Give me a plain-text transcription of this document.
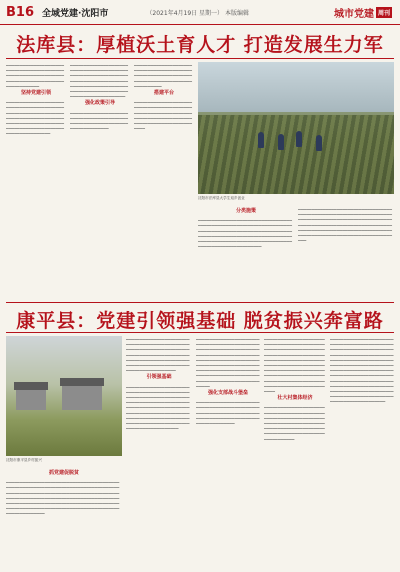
B16 全域党建·沈阳市	（2021年4月19日 星期一） 本版编辑	城市党建 周刊
法库县：厚植沃土育人才 打造发展生力军
▁▁▁▁▁▁▁▁▁▁▁▁▁▁▁▁▁▁▁▁▁▁▁▁▁▁▁▁▁▁▁▁▁▁▁▁▁▁▁▁▁▁▁▁▁▁▁▁▁▁▁▁▁▁▁▁▁▁▁▁▁▁▁▁▁▁▁▁▁▁▁▁▁▁▁▁▁▁▁▁▁▁▁▁▁▁▁▁▁▁▁▁▁▁▁▁
坚持党建引领
▁▁▁▁▁▁▁▁▁▁▁▁▁▁▁▁▁▁▁▁▁▁▁▁▁▁▁▁▁▁▁▁▁▁▁▁▁▁▁▁▁▁▁▁▁▁▁▁▁▁▁▁▁▁▁▁▁▁▁▁▁▁▁▁▁▁▁▁▁▁▁▁▁▁▁▁▁▁▁▁▁▁▁▁▁▁▁▁▁▁▁▁▁▁▁▁▁▁▁▁▁▁▁▁▁▁▁▁▁▁▁▁▁▁▁▁▁▁▁▁▁▁▁▁▁▁▁▁▁▁▁▁▁▁▁▁▁▁▁▁▁▁
▁▁▁▁▁▁▁▁▁▁▁▁▁▁▁▁▁▁▁▁▁▁▁▁▁▁▁▁▁▁▁▁▁▁▁▁▁▁▁▁▁▁▁▁▁▁▁▁▁▁▁▁▁▁▁▁▁▁▁▁▁▁▁▁▁▁▁▁▁▁▁▁▁▁▁▁▁▁▁▁▁▁▁▁▁▁▁▁▁▁▁▁▁▁▁▁▁▁▁▁▁▁▁▁▁▁▁▁▁▁▁▁▁▁▁▁▁▁▁▁▁▁▁▁▁▁▁▁▁▁▁▁▁▁▁▁▁▁▁▁▁▁▁▁▁▁
强化政策引导
▁▁▁▁▁▁▁▁▁▁▁▁▁▁▁▁▁▁▁▁▁▁▁▁▁▁▁▁▁▁▁▁▁▁▁▁▁▁▁▁▁▁▁▁▁▁▁▁▁▁▁▁▁▁▁▁▁▁▁▁▁▁▁▁▁▁▁▁▁▁▁▁▁▁▁▁▁
▁▁▁▁▁▁▁▁▁▁▁▁▁▁▁▁▁▁▁▁▁▁▁▁▁▁▁▁▁▁▁▁▁▁▁▁▁▁▁▁▁▁▁▁▁▁▁▁▁▁▁▁▁▁▁▁▁▁▁▁▁▁▁▁▁▁▁▁▁▁▁▁▁▁▁▁▁▁▁▁▁▁▁▁▁▁▁▁▁▁▁▁▁▁
搭建平台
▁▁▁▁▁▁▁▁▁▁▁▁▁▁▁▁▁▁▁▁▁▁▁▁▁▁▁▁▁▁▁▁▁▁▁▁▁▁▁▁▁▁▁▁▁▁▁▁▁▁▁▁▁▁▁▁▁▁▁▁▁▁▁▁▁▁▁▁▁▁▁▁▁▁▁▁▁▁▁▁▁▁▁▁▁▁▁▁▁▁▁▁▁▁▁▁▁▁▁▁▁▁▁▁▁▁▁▁▁
沈阳市法库县大学生返乡创业
分类施策
▁▁▁▁▁▁▁▁▁▁▁▁▁▁▁▁▁▁▁▁▁▁▁▁▁▁▁▁▁▁▁▁▁▁▁▁▁▁▁▁▁▁▁▁▁▁▁▁▁▁▁▁▁▁▁▁▁▁▁▁▁▁▁▁▁▁▁▁▁▁▁▁▁▁▁▁▁▁▁▁▁▁▁▁▁▁▁▁▁▁▁▁▁▁▁▁▁▁▁▁▁▁▁▁▁▁▁▁▁▁▁▁▁▁▁▁▁▁▁▁▁▁▁▁▁▁▁▁▁▁▁▁▁▁▁▁▁▁▁▁▁▁▁▁▁▁▁▁▁▁▁▁▁▁▁▁▁▁▁▁▁▁▁▁▁▁▁▁▁▁▁▁▁▁▁▁▁▁▁▁▁▁▁▁▁▁▁▁▁▁▁▁▁
▁▁▁▁▁▁▁▁▁▁▁▁▁▁▁▁▁▁▁▁▁▁▁▁▁▁▁▁▁▁▁▁▁▁▁▁▁▁▁▁▁▁▁▁▁▁▁▁▁▁▁▁▁▁▁▁▁▁▁▁▁▁▁▁▁▁▁▁▁▁▁▁▁▁▁▁▁▁▁▁▁▁▁▁▁▁▁▁▁▁▁▁▁▁▁▁▁▁▁▁▁▁▁▁▁▁▁▁▁▁▁▁▁▁▁▁▁▁▁▁▁▁▁▁▁▁▁▁▁▁▁▁▁▁▁▁▁▁▁▁▁▁▁▁▁▁▁▁▁▁▁▁▁▁▁▁▁▁▁▁▁▁▁▁▁▁▁▁▁▁▁▁▁▁▁▁▁▁▁▁▁▁▁▁▁▁▁▁▁▁▁▁▁▁▁▁▁▁▁▁▁▁▁▁▁▁▁
康平县：党建引领强基础 脱贫振兴奔富路
沈阳市康平县乡村振兴
抓党建促脱贫
▁▁▁▁▁▁▁▁▁▁▁▁▁▁▁▁▁▁▁▁▁▁▁▁▁▁▁▁▁▁▁▁▁▁▁▁▁▁▁▁▁▁▁▁▁▁▁▁▁▁▁▁▁▁▁▁▁▁▁▁▁▁▁▁▁▁▁▁▁▁▁▁▁▁▁▁▁▁▁▁▁▁▁▁▁▁▁▁▁▁▁▁▁▁▁▁▁▁▁▁▁▁▁▁▁▁▁▁▁▁▁▁▁▁▁▁▁▁▁▁▁▁▁▁▁▁▁▁▁▁▁▁▁▁▁▁▁▁▁▁▁▁▁▁▁▁▁▁▁▁▁▁▁▁▁▁▁▁▁▁▁▁▁▁▁▁▁▁▁▁▁▁▁▁▁▁▁▁▁▁▁▁▁▁▁▁▁▁▁▁▁▁▁▁▁▁▁▁▁▁▁▁▁▁▁▁▁▁▁▁▁▁▁▁▁▁▁▁▁▁▁▁▁▁▁▁▁▁▁▁▁▁▁▁▁▁▁▁▁▁▁▁▁▁▁▁▁▁▁▁▁▁▁▁▁▁▁▁▁▁
▁▁▁▁▁▁▁▁▁▁▁▁▁▁▁▁▁▁▁▁▁▁▁▁▁▁▁▁▁▁▁▁▁▁▁▁▁▁▁▁▁▁▁▁▁▁▁▁▁▁▁▁▁▁▁▁▁▁▁▁▁▁▁▁▁▁▁▁▁▁▁▁▁▁▁▁▁▁▁▁▁▁▁▁▁▁▁▁▁▁▁▁▁▁▁▁▁▁▁▁▁▁▁▁▁▁▁▁▁▁▁▁▁▁▁▁▁▁▁▁▁▁▁▁▁▁▁▁▁▁▁▁▁▁▁▁▁▁▁▁▁▁▁▁▁▁▁▁▁▁▁▁▁▁▁▁
引领强基础
▁▁▁▁▁▁▁▁▁▁▁▁▁▁▁▁▁▁▁▁▁▁▁▁▁▁▁▁▁▁▁▁▁▁▁▁▁▁▁▁▁▁▁▁▁▁▁▁▁▁▁▁▁▁▁▁▁▁▁▁▁▁▁▁▁▁▁▁▁▁▁▁▁▁▁▁▁▁▁▁▁▁▁▁▁▁▁▁▁▁▁▁▁▁▁▁▁▁▁▁▁▁▁▁▁▁▁▁▁▁▁▁▁▁▁▁▁▁▁▁▁▁▁▁▁▁▁▁▁▁▁▁▁▁▁▁▁▁▁▁▁▁▁▁▁▁▁▁▁▁▁▁▁▁▁▁▁▁▁▁▁▁▁▁▁▁▁▁▁▁▁▁▁▁▁▁▁▁▁▁▁▁▁▁▁▁▁▁▁▁▁▁▁▁▁▁▁▁▁▁▁▁▁
▁▁▁▁▁▁▁▁▁▁▁▁▁▁▁▁▁▁▁▁▁▁▁▁▁▁▁▁▁▁▁▁▁▁▁▁▁▁▁▁▁▁▁▁▁▁▁▁▁▁▁▁▁▁▁▁▁▁▁▁▁▁▁▁▁▁▁▁▁▁▁▁▁▁▁▁▁▁▁▁▁▁▁▁▁▁▁▁▁▁▁▁▁▁▁▁▁▁▁▁▁▁▁▁▁▁▁▁▁▁▁▁▁▁▁▁▁▁▁▁▁▁▁▁▁▁▁▁▁▁▁▁▁▁▁▁▁▁▁▁▁▁▁▁▁▁▁▁▁▁▁▁▁▁▁▁▁▁▁▁▁▁▁▁▁▁▁▁▁▁▁▁▁▁▁▁▁▁▁▁▁▁▁▁▁▁▁▁▁▁▁▁▁▁▁▁▁▁▁▁▁▁▁▁▁▁▁▁▁▁▁▁
强化支部战斗堡垒
▁▁▁▁▁▁▁▁▁▁▁▁▁▁▁▁▁▁▁▁▁▁▁▁▁▁▁▁▁▁▁▁▁▁▁▁▁▁▁▁▁▁▁▁▁▁▁▁▁▁▁▁▁▁▁▁▁▁▁▁▁▁▁▁▁▁▁▁▁▁▁▁▁▁▁▁▁▁▁▁▁▁▁▁▁▁▁▁▁▁▁▁▁▁▁▁▁▁▁▁▁▁▁▁▁▁
▁▁▁▁▁▁▁▁▁▁▁▁▁▁▁▁▁▁▁▁▁▁▁▁▁▁▁▁▁▁▁▁▁▁▁▁▁▁▁▁▁▁▁▁▁▁▁▁▁▁▁▁▁▁▁▁▁▁▁▁▁▁▁▁▁▁▁▁▁▁▁▁▁▁▁▁▁▁▁▁▁▁▁▁▁▁▁▁▁▁▁▁▁▁▁▁▁▁▁▁▁▁▁▁▁▁▁▁▁▁▁▁▁▁▁▁▁▁▁▁▁▁▁▁▁▁▁▁▁▁▁▁▁▁▁▁▁▁▁▁▁▁▁▁▁▁▁▁▁▁▁▁▁▁▁▁▁▁▁▁▁▁▁▁▁▁▁▁▁▁▁▁▁▁▁▁▁▁▁▁▁▁▁▁▁▁▁▁▁▁▁▁▁▁▁▁▁▁▁▁▁▁▁▁▁▁▁▁▁▁▁▁▁▁▁▁▁▁▁▁▁▁▁▁
壮大村集体经济
▁▁▁▁▁▁▁▁▁▁▁▁▁▁▁▁▁▁▁▁▁▁▁▁▁▁▁▁▁▁▁▁▁▁▁▁▁▁▁▁▁▁▁▁▁▁▁▁▁▁▁▁▁▁▁▁▁▁▁▁▁▁▁▁▁▁▁▁▁▁▁▁▁▁▁▁▁▁▁▁▁▁▁▁▁▁▁▁▁▁▁▁▁▁▁▁▁▁▁▁▁▁▁▁▁▁▁▁▁▁▁▁▁▁▁▁▁▁▁▁▁▁▁▁▁▁▁▁▁▁▁▁▁▁▁▁▁▁▁▁▁▁▁
▁▁▁▁▁▁▁▁▁▁▁▁▁▁▁▁▁▁▁▁▁▁▁▁▁▁▁▁▁▁▁▁▁▁▁▁▁▁▁▁▁▁▁▁▁▁▁▁▁▁▁▁▁▁▁▁▁▁▁▁▁▁▁▁▁▁▁▁▁▁▁▁▁▁▁▁▁▁▁▁▁▁▁▁▁▁▁▁▁▁▁▁▁▁▁▁▁▁▁▁▁▁▁▁▁▁▁▁▁▁▁▁▁▁▁▁▁▁▁▁▁▁▁▁▁▁▁▁▁▁▁▁▁▁▁▁▁▁▁▁▁▁▁▁▁▁▁▁▁▁▁▁▁▁▁▁▁▁▁▁▁▁▁▁▁▁▁▁▁▁▁▁▁▁▁▁▁▁▁▁▁▁▁▁▁▁▁▁▁▁▁▁▁▁▁▁▁▁▁▁▁▁▁▁▁▁▁▁▁▁▁▁▁▁▁▁▁▁▁▁▁▁▁▁▁▁▁▁▁▁▁▁▁▁▁▁▁▁▁▁▁▁▁▁▁▁▁▁▁▁▁▁▁▁▁▁▁▁▁▁▁▁▁▁▁▁▁▁▁▁▁▁▁▁▁▁▁▁▁▁▁▁▁▁▁▁▁▁▁▁▁▁▁▁▁▁
